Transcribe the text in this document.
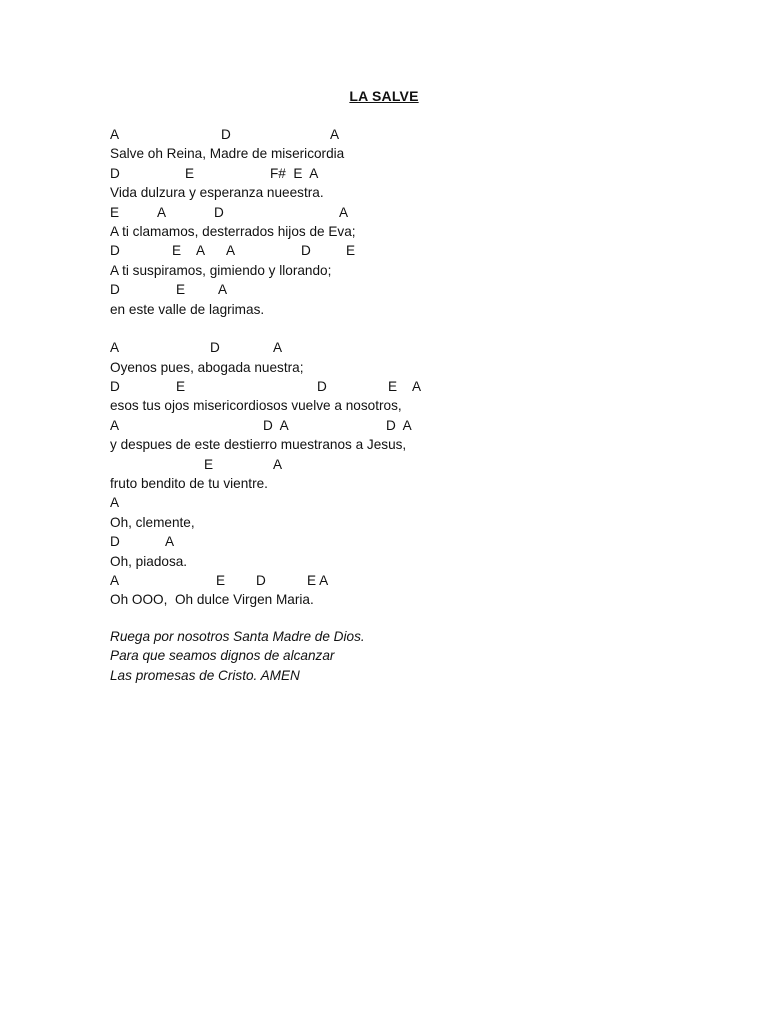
LA SALVE

A

	D

	A

Salve oh Reina, Madre de misericordia

D

	E

	F#  E  A

Vida dulzura y esperanza nueestra.

E

	A

	D

	A

A ti clamamos, desterrados hijos de Eva;

D

	E

A

A

	D

	E

A ti suspiramos, gimiendo y llorando;

D

	E

A

en este valle de lagrimas.

A

	D

	A

Oyenos pues, abogada nuestra;

D

	E

	D

	E

A

esos tus ojos misericordiosos vuelve a nosotros,

A

	D  A

	D  A

y despues de este destierro muestranos a Jesus,

E

	A

fruto bendito de tu vientre.

A

Oh, clemente,

D

	A

Oh, piadosa.

A

	E

D

	E A

Oh OOO,  Oh dulce Virgen Maria.
Ruega por nosotros Santa Madre de Dios.
Para que seamos dignos de alcanzar
Las promesas de Cristo. AMEN
